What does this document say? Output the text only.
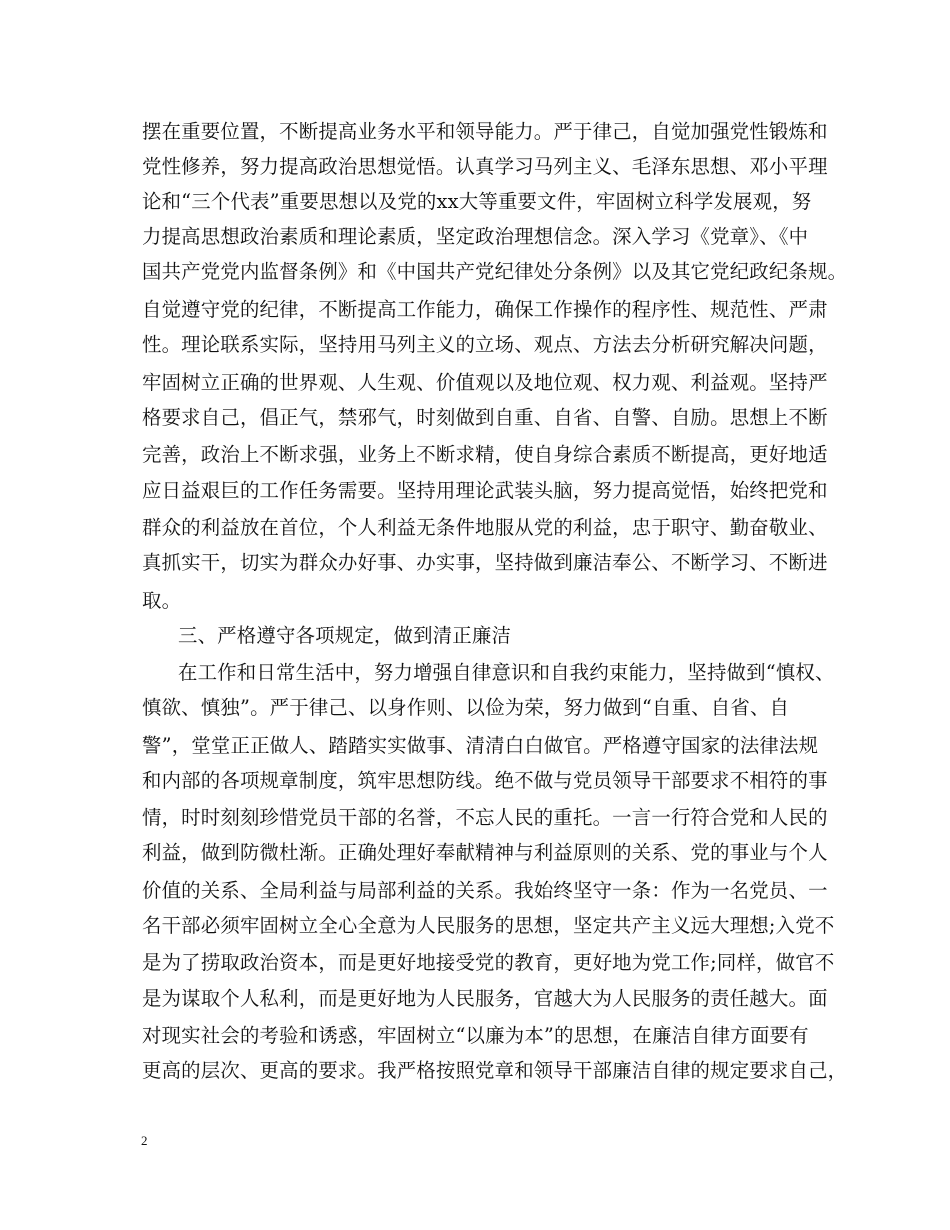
摆在重要位置，不断提高业务水平和领导能力。严于律己，自觉加强党性锻炼和
党性修养，努力提高政治思想觉悟。认真学习马列主义、毛泽东思想、邓小平理
论和“三个代表”重要思想以及党的xx大等重要文件，牢固树立科学发展观，努
力提高思想政治素质和理论素质，坚定政治理想信念。深入学习《党章》、《中
国共产党党内监督条例》和《中国共产党纪律处分条例》以及其它党纪政纪条规。
自觉遵守党的纪律，不断提高工作能力，确保工作操作的程序性、规范性、严肃
性。理论联系实际，坚持用马列主义的立场、观点、方法去分析研究解决问题，
牢固树立正确的世界观、人生观、价值观以及地位观、权力观、利益观。坚持严
格要求自己，倡正气，禁邪气，时刻做到自重、自省、自警、自励。思想上不断
完善，政治上不断求强，业务上不断求精，使自身综合素质不断提高，更好地适
应日益艰巨的工作任务需要。坚持用理论武装头脑，努力提高觉悟，始终把党和
群众的利益放在首位，个人利益无条件地服从党的利益，忠于职守、勤奋敬业、
真抓实干，切实为群众办好事、办实事，坚持做到廉洁奉公、不断学习、不断进
取。
三、严格遵守各项规定，做到清正廉洁
在工作和日常生活中，努力增强自律意识和自我约束能力，坚持做到“慎权、
慎欲、慎独”。严于律己、以身作则、以俭为荣，努力做到“自重、自省、自
警”，堂堂正正做人、踏踏实实做事、清清白白做官。严格遵守国家的法律法规
和内部的各项规章制度，筑牢思想防线。绝不做与党员领导干部要求不相符的事
情，时时刻刻珍惜党员干部的名誉，不忘人民的重托。一言一行符合党和人民的
利益，做到防微杜渐。正确处理好奉献精神与利益原则的关系、党的事业与个人
价值的关系、全局利益与局部利益的关系。我始终坚守一条：作为一名党员、一
名干部必须牢固树立全心全意为人民服务的思想，坚定共产主义远大理想;入党不
是为了捞取政治资本，而是更好地接受党的教育，更好地为党工作;同样，做官不
是为谋取个人私利，而是更好地为人民服务，官越大为人民服务的责任越大。面
对现实社会的考验和诱惑，牢固树立“以廉为本”的思想，在廉洁自律方面要有
更高的层次、更高的要求。我严格按照党章和领导干部廉洁自律的规定要求自己，
2
